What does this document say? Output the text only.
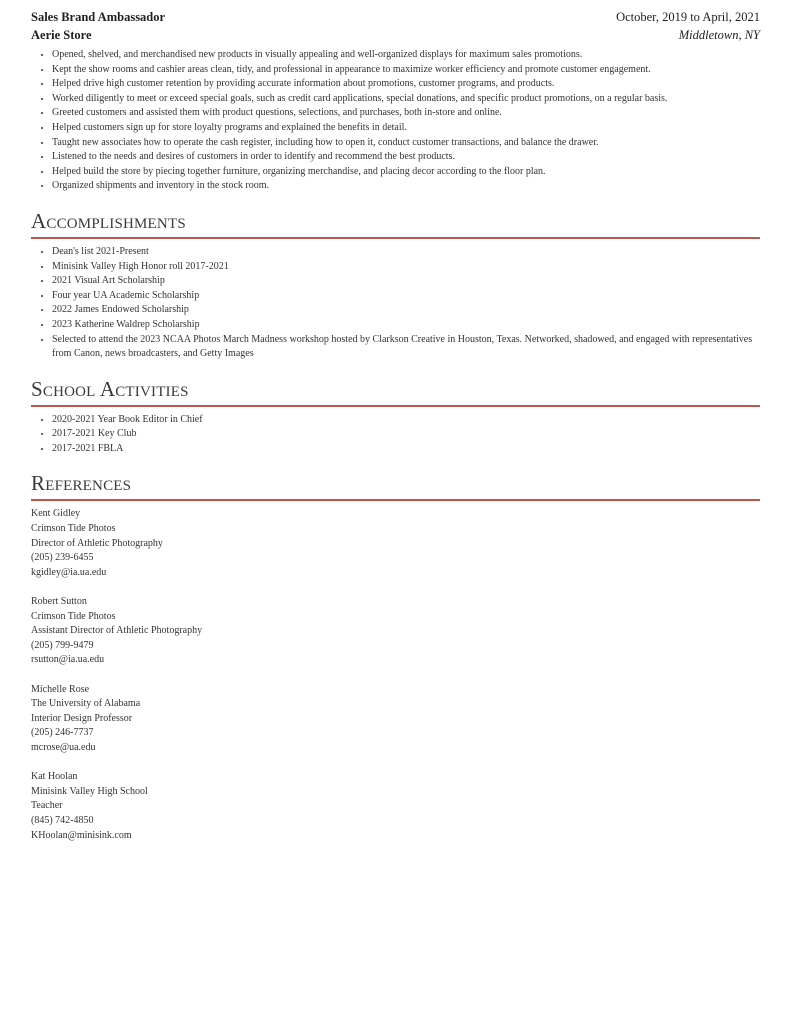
Sales Brand Ambassador	October, 2019 to April, 2021
Aerie Store	Middletown, NY
• Opened, shelved, and merchandised new products in visually appealing and well-organized displays for maximum sales promotions.
• Kept the show rooms and cashier areas clean, tidy, and professional in appearance to maximize worker efficiency and promote customer engagement.
• Helped drive high customer retention by providing accurate information about promotions, customer programs, and products.
• Worked diligently to meet or exceed special goals, such as credit card applications, special donations, and specific product promotions, on a regular basis.
• Greeted customers and assisted them with product questions, selections, and purchases, both in-store and online.
• Helped customers sign up for store loyalty programs and explained the benefits in detail.
• Taught new associates how to operate the cash register, including how to open it, conduct customer transactions, and balance the drawer.
• Listened to the needs and desires of customers in order to identify and recommend the best products.
• Helped build the store by piecing together furniture, organizing merchandise, and placing decor according to the floor plan.
• Organized shipments and inventory in the stock room.
Accomplishments
• Dean's list 2021-Present
• Minisink Valley High Honor roll 2017-2021
• 2021 Visual Art Scholarship
• Four year UA Academic Scholarship
• 2022 James Endowed Scholarship
• 2023 Katherine Waldrep Scholarship
• Selected to attend the 2023 NCAA Photos March Madness workshop hosted by Clarkson Creative in Houston, Texas. Networked, shadowed, and engaged with representatives from Canon, news broadcasters, and Getty Images
School Activities
• 2020-2021 Year Book Editor in Chief
• 2017-2021 Key Club
• 2017-2021 FBLA
References
Kent Gidley
Crimson Tide Photos
Director of Athletic Photography
(205) 239-6455
kgidley@ia.ua.edu
Robert Sutton
Crimson Tide Photos
Assistant Director of Athletic Photography
(205) 799-9479
rsutton@ia.ua.edu
Michelle Rose
The University of Alabama
Interior Design Professor
(205) 246-7737
mcrose@ua.edu
Kat Hoolan
Minisink Valley High School
Teacher
(845) 742-4850
KHoolan@minisink.com
